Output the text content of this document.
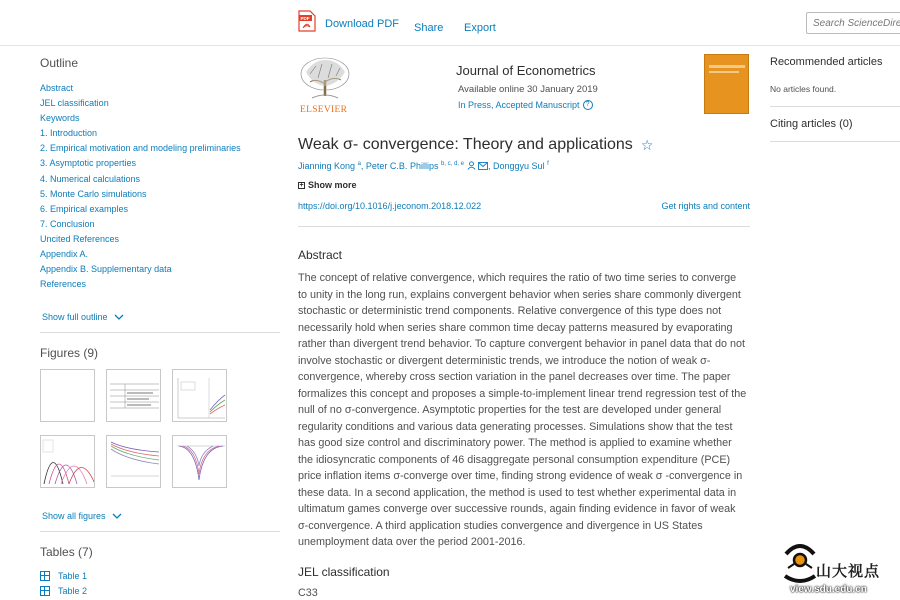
PDF Download PDF Share Export
Search ScienceDirect
Outline
Abstract
JEL classification
Keywords
1. Introduction
2. Empirical motivation and modeling preliminaries
3. Asymptotic properties
4. Numerical calculations
5. Monte Carlo simulations
6. Empirical examples
7. Conclusion
Uncited References
Appendix A.
Appendix B. Supplementary data
References
Show full outline
Figures (9)
Show all figures
Tables (7)
Table 1
Table 2
ELSEVIER
Journal of Econometrics
Available online 30 January 2019
In Press, Accepted Manuscript ?
Weak σ- convergence: Theory and applications ☆
Jianning Kong $^a$, Peter C.B. Phillips $^{b, c, d, e}$	, Donggyu Sul $^f$
+ Show more
https://doi.org/10.1016/j.jeconom.2018.12.022	Get rights and content
Abstract
The concept of relative convergence, which requires the ratio of two time series to converge to unity in the long run, explains convergent behavior when series share commonly divergent stochastic or deterministic trend components. Relative convergence of this type does not necessarily hold when series share common time decay patterns measured by evaporating rather than divergent trend behavior. To capture convergent behavior in panel data that do not involve stochastic or divergent deterministic trends, we introduce the notion of weak σ-convergence, whereby cross section variation in the panel decreases over time. The paper formalizes this concept and proposes a simple-to-implement linear trend regression test of the null of no σ-convergence. Asymptotic properties for the test are developed under general regularity conditions and various data generating processes. Simulations show that the test has good size control and discriminatory power. The method is applied to examine whether the idiosyncratic components of 46 disaggregate personal consumption expenditure (PCE) price inflation items σ-converge over time, finding strong evidence of weak σ -convergence in these data. In a second application, the method is used to test whether experimental data in ultimatum games converge over successive rounds, again finding evidence in favor of weak σ-convergence. A third application studies convergence and divergence in US States unemployment data over the period 2001-2016.
JEL classification
C33
Recommended articles
No articles found.
Citing articles (0)
山大视点
view.sdu.edu.cn
